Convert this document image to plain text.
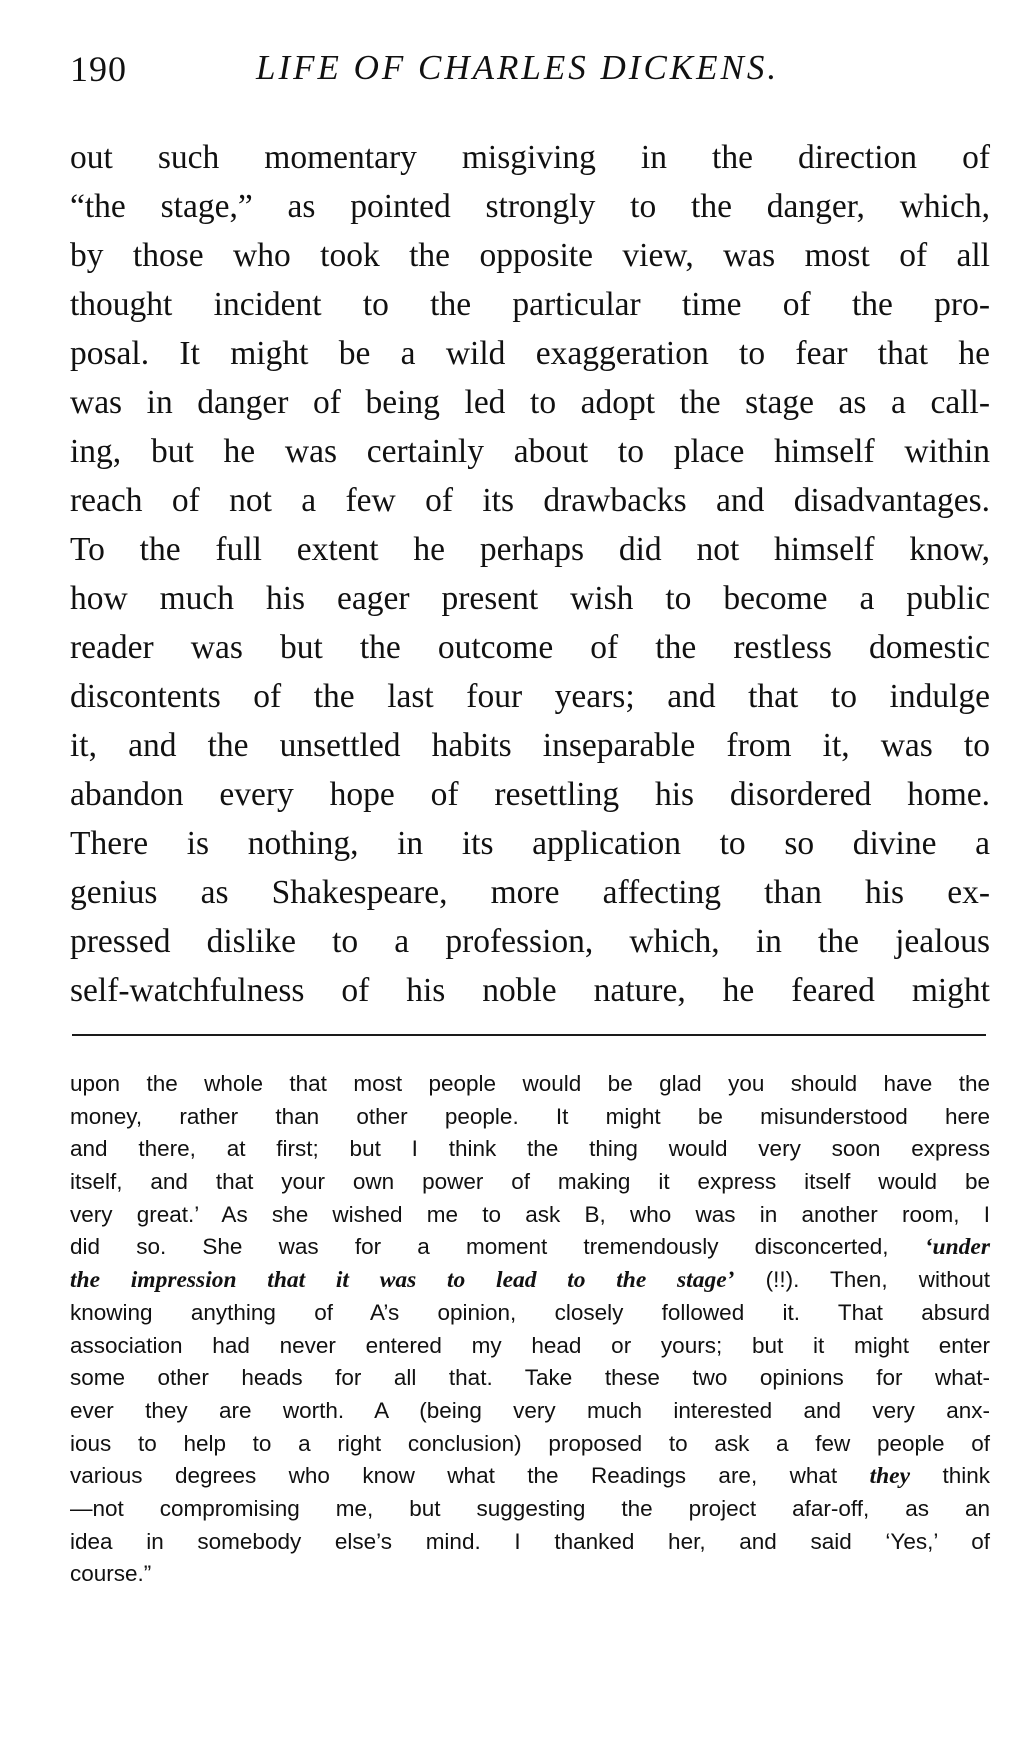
190	LIFE OF CHARLES DICKENS.
out such momentary misgiving in the direction of
“the stage,” as pointed strongly to the danger, which,
by those who took the opposite view, was most of all
thought incident to the particular time of the pro-
posal. It might be a wild exaggeration to fear that he
was in danger of being led to adopt the stage as a call-
ing, but he was certainly about to place himself within
reach of not a few of its drawbacks and disadvantages.
To the full extent he perhaps did not himself know,
how much his eager present wish to become a public
reader was but the outcome of the restless domestic
discontents of the last four years; and that to indulge
it, and the unsettled habits inseparable from it, was to
abandon every hope of resettling his disordered home.
There is nothing, in its application to so divine a
genius as Shakespeare, more affecting than his ex-
pressed dislike to a profession, which, in the jealous
self-watchfulness of his noble nature, he feared might
upon the whole that most people would be glad you should have the
money, rather than other people. It might be misunderstood here
and there, at first; but I think the thing would very soon express
itself, and that your own power of making it express itself would be
very great.’ As she wished me to ask B, who was in another room, I
did so. She was for a moment tremendously disconcerted, ‘under
the impression that it was to lead to the stage’ (!!). Then, without
knowing anything of A’s opinion, closely followed it. That absurd
association had never entered my head or yours; but it might enter
some other heads for all that. Take these two opinions for what-
ever they are worth. A (being very much interested and very anx-
ious to help to a right conclusion) proposed to ask a few people of
various degrees who know what the Readings are, what they think
—not compromising me, but suggesting the project afar-off, as an
idea in somebody else’s mind. I thanked her, and said ‘Yes,’ of
course.”
